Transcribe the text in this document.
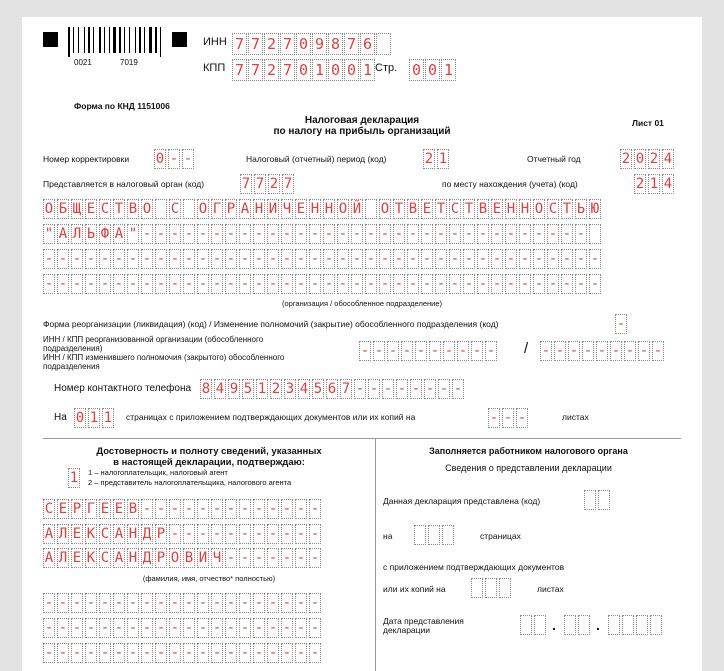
0021	7019
ИНН 7 7 2 7 0 9 8 7 6
КПП 7 7 2 7 0 1 0 0 1 Стр. 0 0 1
Форма по КНД 1151006
Налоговая декларация
по налогу на прибыль организаций
Лист 01
Номер корректировки 0 - -	Налоговый (отчетный) период (код)	2 1	Отчетный год	2 0 2 4
Представляется в налоговый орган (код)	7 7 2 7	по месту нахождения (учета) (код)	2 1 4
О Б Щ Е С Т В О С О Г Р А Н И Ч Е Н Н О Й О Т В Е Т С Т В Е Н Н О С Т Ь Ю
" А Л Ь Ф А " - - - - - - - - - - - - - - - - - - - - - - - - - - - - - - - -
- - - - - - - - - - - - - - - - - - - - - - - - - - - - - - - - - - - - - - - -
- - - - - - - - - - - - - - - - - - - - - - - - - - - - - - - - - - - - - - - -
(организация / обособленное подразделение)
Форма реорганизации (ликвидация) (код) / Изменение полномочий (закрытие) обособленного подразделения (код)	-
ИНН / КПП реорганизованной организации (обособленного
подразделения)
ИНН / КПП изменившего полномочия (закрытого) обособленного
подразделения
- - - - - - - - - - / - - - - - - - - -
Номер контактного телефона 8 4 9 5 1 2 3 4 5 6 7 - - - - - - - -
На 0 1 1 страницах с приложением подтверждающих документов или их копий на	- - -	листах
Достоверность и полноту сведений, указанных
в настоящей декларации, подтверждаю:
1 1 – налогоплательщик, налоговый агент
2 – представитель налогоплательщика, налогового агента
С Е Р Г Е Е В - - - - - - - - - - - - -
А Л Е К С А Н Д Р - - - - - - - - - - -
А Л Е К С А Н Д Р О В И Ч - - - - - - -
(фамилия, имя, отчество* полностью)
- - - - - - - - - - - - - - - - - - - -
- - - - - - - - - - - - - - - - - - - -
- - - - - - - - - - - - - - - - - - - -
Заполняется работником налогового органа
Сведения о представлении декларации
Данная декларация представлена (код)
на	страницах
с приложением подтверждающих документов
или их копий на	листах
Дата представления
декларации	.	.
